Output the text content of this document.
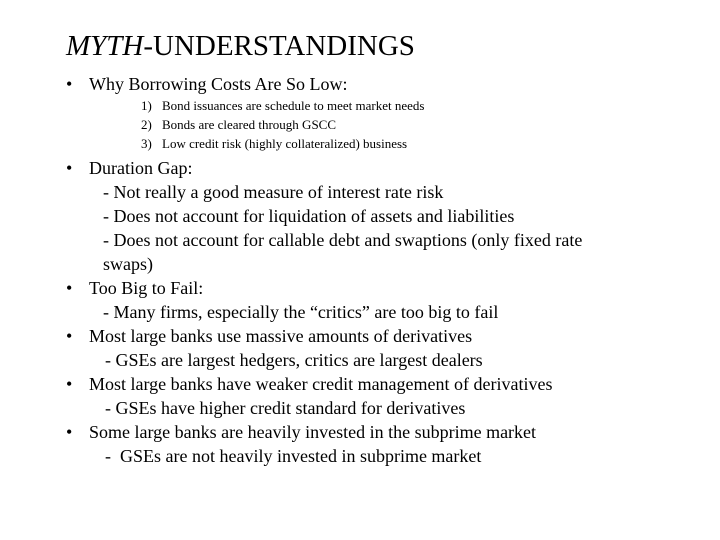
MYTH-UNDERSTANDINGS
• Why Borrowing Costs Are So Low:
1) Bond issuances are schedule to meet market needs
2) Bonds are cleared through GSCC
3) Low credit risk (highly collateralized) business
• Duration Gap:
- Not really a good measure of interest rate risk
- Does not account for liquidation of assets and liabilities
- Does not account for callable debt and swaptions (only fixed rate
swaps)
• Too Big to Fail:
- Many firms, especially the “critics” are too big to fail
• Most large banks use massive amounts of derivatives
- GSEs are largest hedgers, critics are largest dealers
• Most large banks have weaker credit management of derivatives
- GSEs have higher credit standard for derivatives
• Some large banks are heavily invested in the subprime market
-  GSEs are not heavily invested in subprime market
